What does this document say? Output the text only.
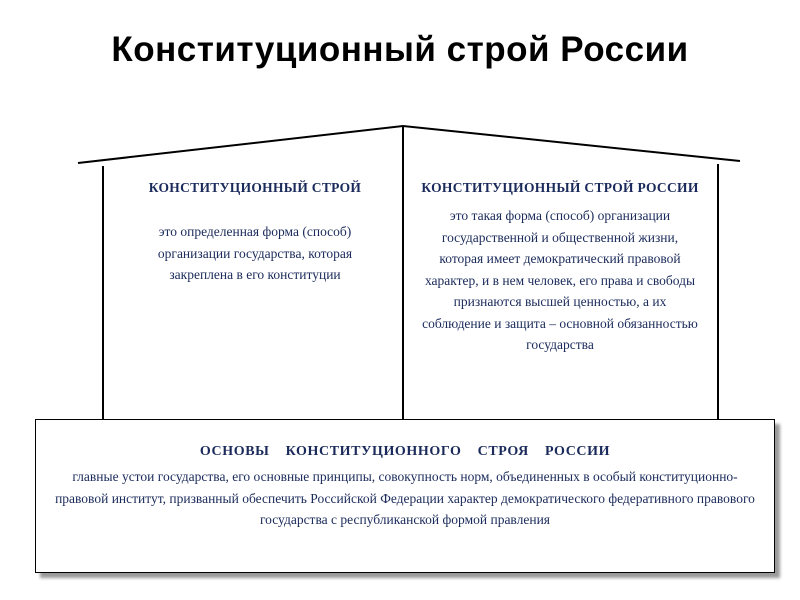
Конституционный строй России
КОНСТИТУЦИОННЫЙ СТРОЙ
это определенная форма (способ) организации государства, которая закреплена в его конституции
КОНСТИТУЦИОННЫЙ СТРОЙ РОССИИ
это такая форма (способ) организации государственной и общественной жизни, которая имеет демократический правовой характер, и в нем человек, его права и свободы признаются высшей ценностью, а их соблюдение и защита – основной обязанностью государства
ОСНОВЫ КОНСТИТУЦИОННОГО СТРОЯ РОССИИ
главные устои государства, его основные принципы, совокупность норм, объединенных в особый конституционно-правовой институт, призванный обеспечить Российской Федерации характер демократического федеративного правового государства с республиканской формой правления
